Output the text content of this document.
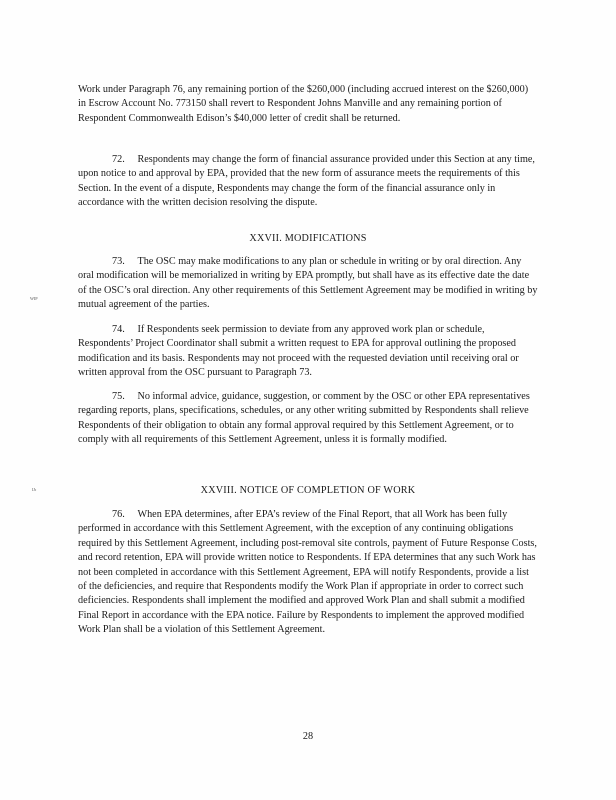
Work under Paragraph 76, any remaining portion of the $260,000 (including accrued interest on the $260,000) in Escrow Account No. 773150 shall revert to Respondent Johns Manville and any remaining portion of Respondent Commonwealth Edison’s $40,000 letter of credit shall be returned.

72. Respondents may change the form of financial assurance provided under this Section at any time, upon notice to and approval by EPA, provided that the new form of assurance meets the requirements of this Section. In the event of a dispute, Respondents may change the form of the financial assurance only in accordance with the written decision resolving the dispute.

XXVII. MODIFICATIONS

73. The OSC may make modifications to any plan or schedule in writing or by oral direction. Any oral modification will be memorialized in writing by EPA promptly, but shall have as its effective date the date of the OSC’s oral direction. Any other requirements of this Settlement Agreement may be modified in writing by mutual agreement of the parties.

ᵂᴵᴾ

74. If Respondents seek permission to deviate from any approved work plan or schedule, Respondents’ Project Coordinator shall submit a written request to EPA for approval outlining the proposed modification and its basis. Respondents may not proceed with the requested deviation until receiving oral or written approval from the OSC pursuant to Paragraph 73.

75. No informal advice, guidance, suggestion, or comment by the OSC or other EPA representatives regarding reports, plans, specifications, schedules, or any other writing submitted by Respondents shall relieve Respondents of their obligation to obtain any formal approval required by this Settlement Agreement, or to comply with all requirements of this Settlement Agreement, unless it is formally modified.

ᴵᴶᶦ	XXVIII. NOTICE OF COMPLETION OF WORK

76. When EPA determines, after EPA’s review of the Final Report, that all Work has been fully performed in accordance with this Settlement Agreement, with the exception of any continuing obligations required by this Settlement Agreement, including post-removal site controls, payment of Future Response Costs, and record retention, EPA will provide written notice to Respondents. If EPA determines that any such Work has not been completed in accordance with this Settlement Agreement, EPA will notify Respondents, provide a list of the deficiencies, and require that Respondents modify the Work Plan if appropriate in order to correct such deficiencies. Respondents shall implement the modified and approved Work Plan and shall submit a modified Final Report in accordance with the EPA notice. Failure by Respondents to implement the approved modified Work Plan shall be a violation of this Settlement Agreement.

28
